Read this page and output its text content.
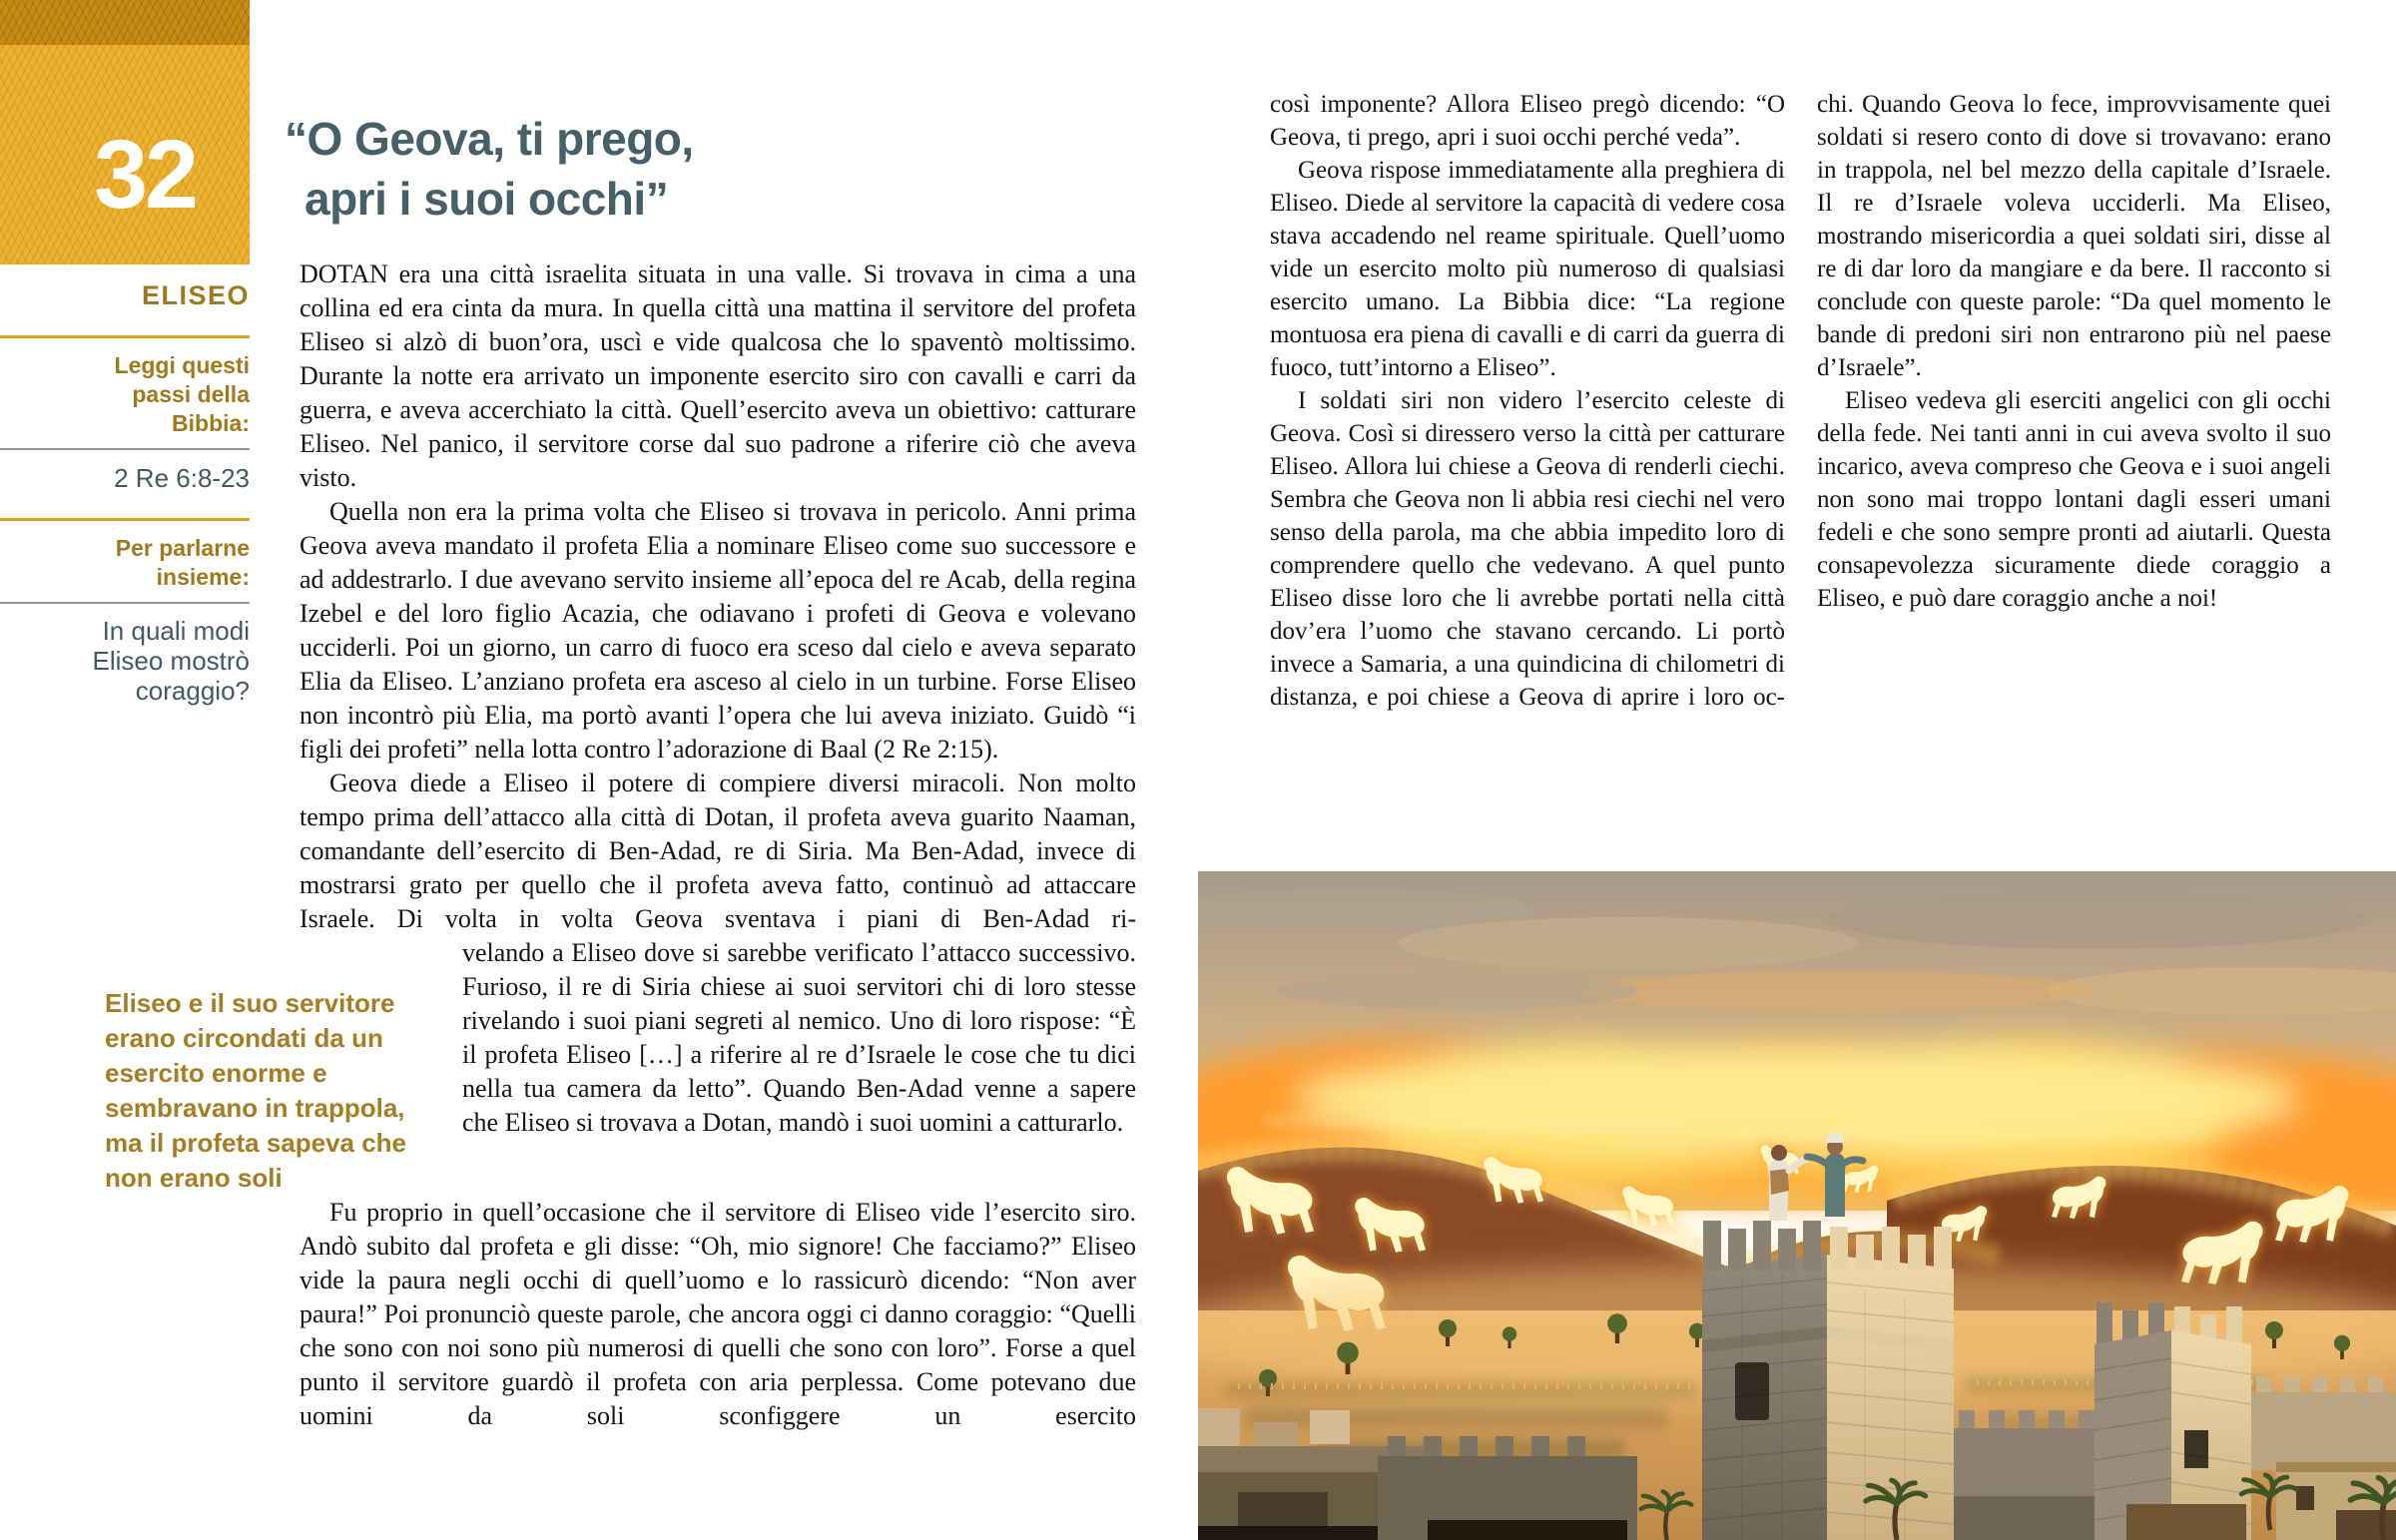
32
ELISEO
Leggi questi passi della Bibbia:
2 Re 6:8-23
Per parlarne insieme:
In quali modi Eliseo mostrò coraggio?
“O Geova, ti prego,
apri i suoi occhi”

DOTAN era una città israelita situata in una valle. Si trovava in cima a una collina ed era cinta da mura. In quella città una mattina il servitore del profeta Eliseo si alzò di buon’ora, uscì e vide qualcosa che lo spaventò moltissimo. Durante la notte era arrivato un imponente esercito siro con cavalli e carri da guerra, e aveva accerchiato la città. Quell’esercito aveva un obiettivo: catturare Eliseo. Nel panico, il servitore corse dal suo padrone a riferire ciò che aveva visto.

Quella non era la prima volta che Eliseo si trovava in pericolo. Anni prima Geova aveva mandato il profeta Elia a nominare Eliseo come suo successore e ad addestrarlo. I due avevano servito insieme all’epoca del re Acab, della regina Izebel e del loro figlio Acazia, che odiavano i profeti di Geova e volevano ucciderli. Poi un giorno, un carro di fuoco era sceso dal cielo e aveva separato Elia da Eliseo. L’anziano profeta era asceso al cielo in un turbine. Forse Eliseo non incontrò più Elia, ma portò avanti l’opera che lui aveva iniziato. Guidò “i figli dei profeti” nella lotta contro l’adorazione di Baal (2 Re 2:15).

Geova diede a Eliseo il potere di compiere diversi miracoli. Non molto tempo prima dell’attacco alla città di Dotan, il profeta aveva guarito Naaman, comandante dell’esercito di Ben-Adad, re di Siria. Ma Ben-Adad, invece di mostrarsi grato per quello che il profeta aveva fatto, continuò ad attaccare Israele. Di volta in volta Geova sventava i piani di Ben-Adad ri-

Eliseo e il suo servitore erano circondati da un esercito enorme e sembravano in trappola, ma il profeta sapeva che non erano soli

velando a Eliseo dove si sarebbe verificato l’attacco successivo. Furioso, il re di Siria chiese ai suoi servitori chi di loro stesse rivelando i suoi piani segreti al nemico. Uno di loro rispose: “È il profeta Eliseo […] a riferire al re d’Israele le cose che tu dici nella tua camera da letto”. Quando Ben-Adad venne a sapere che Eliseo si trovava a Dotan, mandò i suoi uomini a catturarlo.

Fu proprio in quell’occasione che il servitore di Eliseo vide l’esercito siro. Andò subito dal profeta e gli disse: “Oh, mio signore! Che facciamo?” Eliseo vide la paura negli occhi di quell’uomo e lo rassicurò dicendo: “Non aver paura!” Poi pronunciò queste parole, che ancora oggi ci danno coraggio: “Quelli che sono con noi sono più numerosi di quelli che sono con loro”. Forse a quel punto il servitore guardò il profeta con aria perplessa. Come potevano due uomini da soli sconfiggere un esercito

così imponente? Allora Eliseo pregò dicendo: “O Geova, ti prego, apri i suoi occhi perché veda”.

Geova rispose immediatamente alla preghiera di Eliseo. Diede al servitore la capacità di vedere cosa stava accadendo nel reame spirituale. Quell’uomo vide un esercito molto più numeroso di qualsiasi esercito umano. La Bibbia dice: “La regione montuosa era piena di cavalli e di carri da guerra di fuoco, tutt’intorno a Eliseo”.

I soldati siri non videro l’esercito celeste di Geova. Così si diressero verso la città per catturare Eliseo. Allora lui chiese a Geova di renderli ciechi. Sembra che Geova non li abbia resi ciechi nel vero senso della parola, ma che abbia impedito loro di comprendere quello che vedevano. A quel punto Eliseo disse loro che li avrebbe portati nella città dov’era l’uomo che stavano cercando. Li portò invece a Samaria, a una quindicina di chilometri di distanza, e poi chiese a Geova di aprire i loro oc-

chi. Quando Geova lo fece, improvvisamente quei soldati si resero conto di dove si trovavano: erano in trappola, nel bel mezzo della capitale d’Israele. Il re d’Israele voleva ucciderli. Ma Eliseo, mostrando misericordia a quei soldati siri, disse al re di dar loro da mangiare e da bere. Il racconto si conclude con queste parole: “Da quel momento le bande di predoni siri non entrarono più nel paese d’Israele”.

Eliseo vedeva gli eserciti angelici con gli occhi della fede. Nei tanti anni in cui aveva svolto il suo incarico, aveva compreso che Geova e i suoi angeli non sono mai troppo lontani dagli esseri umani fedeli e che sono sempre pronti ad aiutarli. Questa consapevolezza sicuramente diede coraggio a Eliseo, e può dare coraggio anche a noi!
